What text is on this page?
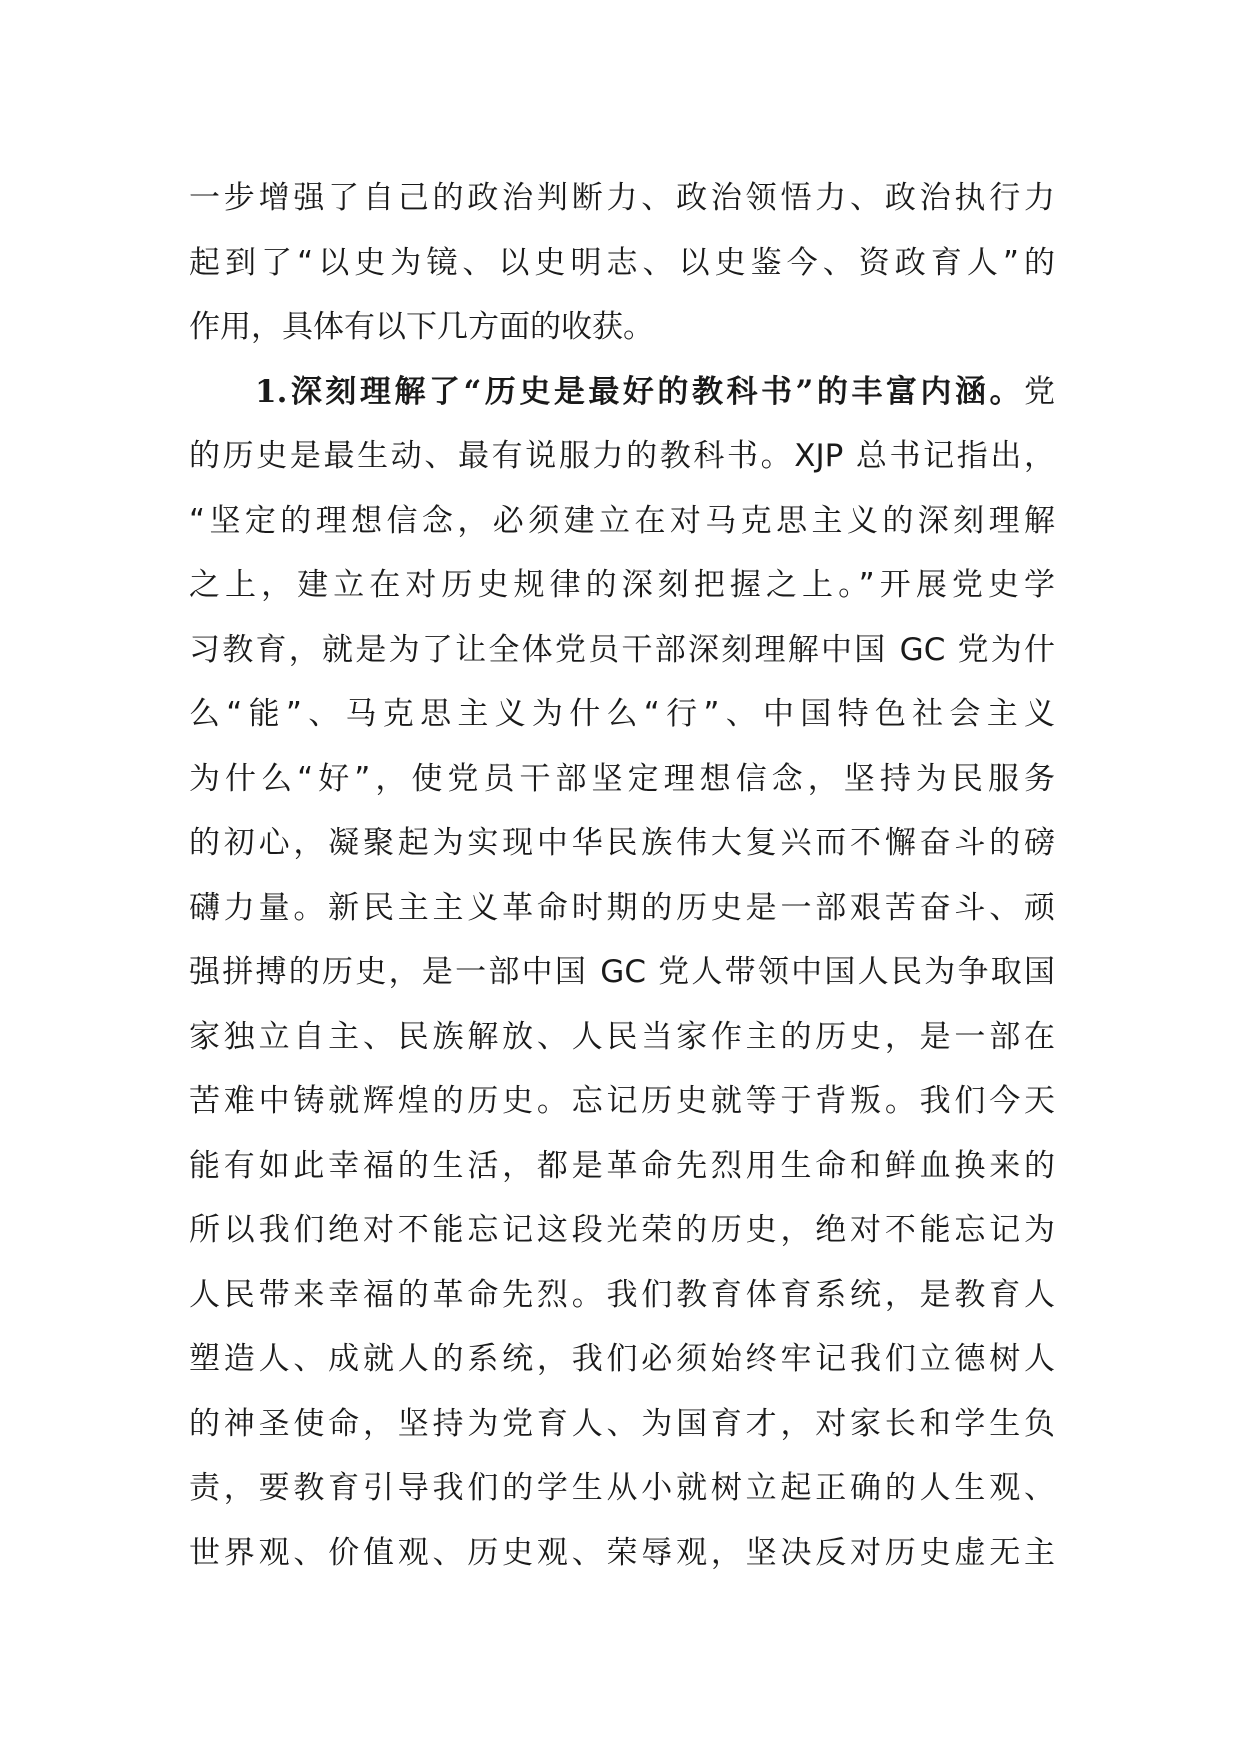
一步增强了自己的政治判断力、政治领悟力、政治执行力
起到了“以史为镜、以史明志、以史鉴今、资政育人”的
作用，具体有以下几方面的收获。
1.深刻理解了“历史是最好的教科书”的丰富内涵。党
的历史是最生动、最有说服力的教科书。XJP 总书记指出，
“坚定的理想信念，必须建立在对马克思主义的深刻理解
之上，建立在对历史规律的深刻把握之上。”开展党史学
习教育，就是为了让全体党员干部深刻理解中国 GC 党为什
么“能”、马克思主义为什么“行”、中国特色社会主义
为什么“好”，使党员干部坚定理想信念，坚持为民服务
的初心，凝聚起为实现中华民族伟大复兴而不懈奋斗的磅
礴力量。新民主主义革命时期的历史是一部艰苦奋斗、顽
强拼搏的历史，是一部中国 GC 党人带领中国人民为争取国
家独立自主、民族解放、人民当家作主的历史，是一部在
苦难中铸就辉煌的历史。忘记历史就等于背叛。我们今天
能有如此幸福的生活，都是革命先烈用生命和鲜血换来的
所以我们绝对不能忘记这段光荣的历史，绝对不能忘记为
人民带来幸福的革命先烈。我们教育体育系统，是教育人
塑造人、成就人的系统，我们必须始终牢记我们立德树人
的神圣使命，坚持为党育人、为国育才，对家长和学生负
责，要教育引导我们的学生从小就树立起正确的人生观、
世界观、价值观、历史观、荣辱观，坚决反对历史虚无主
